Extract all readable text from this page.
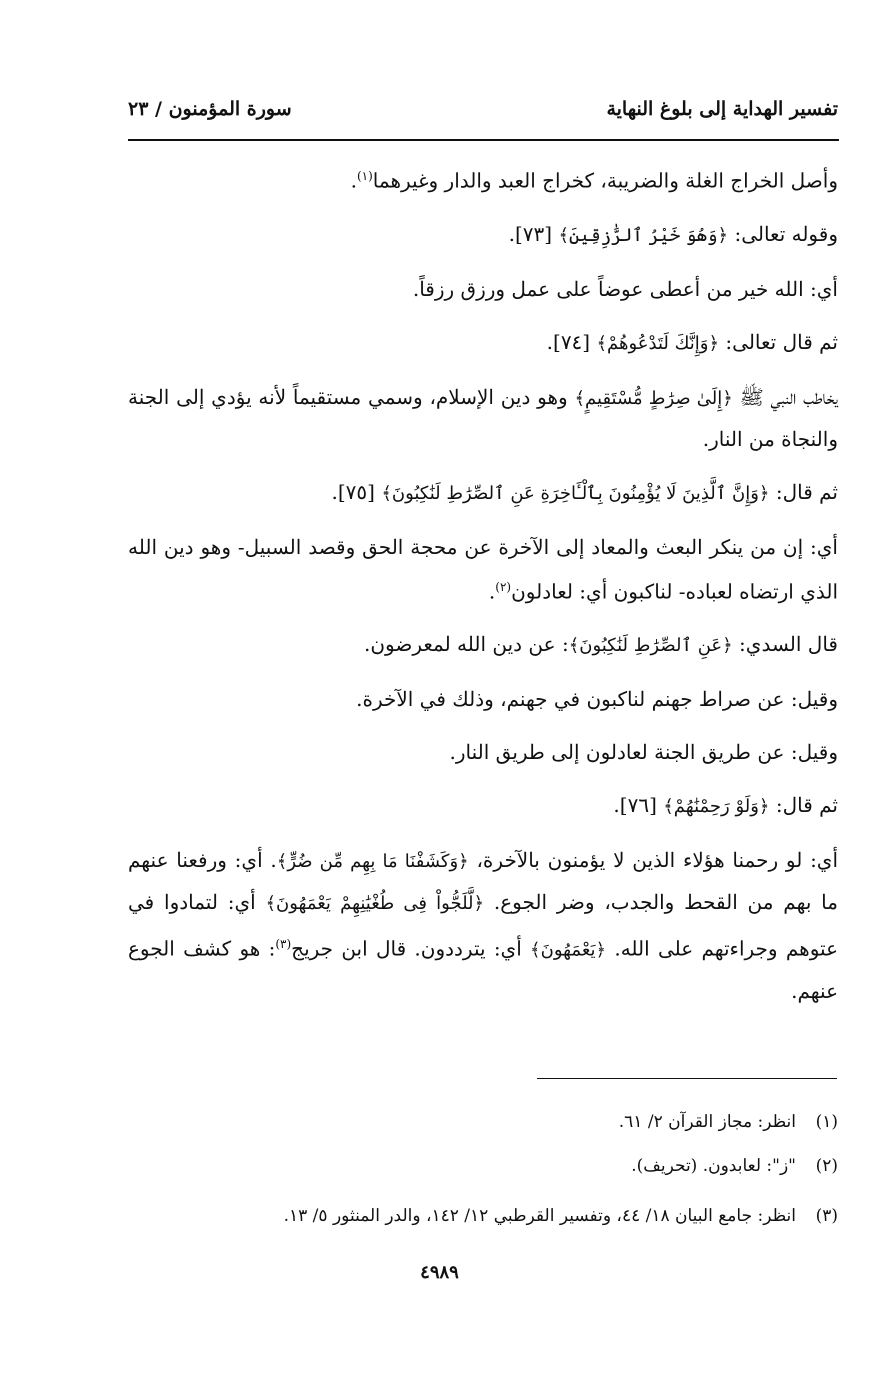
تفسير الهداية إلى بلوغ النهاية
سورة المؤمنون / ٢٣

وأصل الخراج الغلة والضريبة، كخراج العبد والدار وغيرهما$^{(١)}$.

وقوله تعالى: ﴿وَهُوَ خَيْرُ ٱلرَّٰزِقِينَ﴾ [٧٣].

أي: الله خير من أعطى عوضاً على عمل ورزق رزقاً.

ثم قال تعالى: ﴿وَإِنَّكَ لَتَدْعُوهُمْ﴾ [٧٤].

يخاطب النبي ﷺ ﴿إِلَىٰ صِرَٰطٍ مُّسْتَقِيمٍ﴾ وهو دين الإسلام، وسمي مستقيماً لأنه يؤدي إلى الجنة والنجاة من النار.

ثم قال: ﴿وَإِنَّ ٱلَّذِينَ لَا يُؤْمِنُونَ بِٱلْـَٔاخِرَةِ عَنِ ٱلصِّرَٰطِ لَنَٰكِبُونَ﴾ [٧٥].

أي: إن من ينكر البعث والمعاد إلى الآخرة عن محجة الحق وقصد السبيل- وهو دين الله الذي ارتضاه لعباده- لناكبون أي: لعادلون$^{(٢)}$.

قال السدي: ﴿عَنِ ٱلصِّرَٰطِ لَنَٰكِبُونَ﴾: عن دين الله لمعرضون.

وقيل: عن صراط جهنم لناكبون في جهنم، وذلك في الآخرة.

وقيل: عن طريق الجنة لعادلون إلى طريق النار.

ثم قال: ﴿وَلَوْ رَحِمْنَٰهُمْ﴾ [٧٦].

أي: لو رحمنا هؤلاء الذين لا يؤمنون بالآخرة، ﴿وَكَشَفْنَا مَا بِهِم مِّن ضُرٍّ﴾. أي: ورفعنا عنهم ما بهم من القحط والجدب، وضر الجوع. ﴿لَّلَجُّواْ فِى طُغْيَٰنِهِمْ يَعْمَهُونَ﴾ أي: لتمادوا في عتوهم وجراءتهم على الله. ﴿يَعْمَهُونَ﴾ أي: يترددون. قال ابن جريج$^{(٣)}$: هو كشف الجوع عنهم.

(١)
انظر: مجاز القرآن ٢/ ٦١.
(٢)
"ز": لعابدون. (تحريف).
(٣)
انظر: جامع البيان ١٨/ ٤٤، وتفسير القرطبي ١٢/ ١٤٢، والدر المنثور ٥/ ١٣.
٤٩٨٩
